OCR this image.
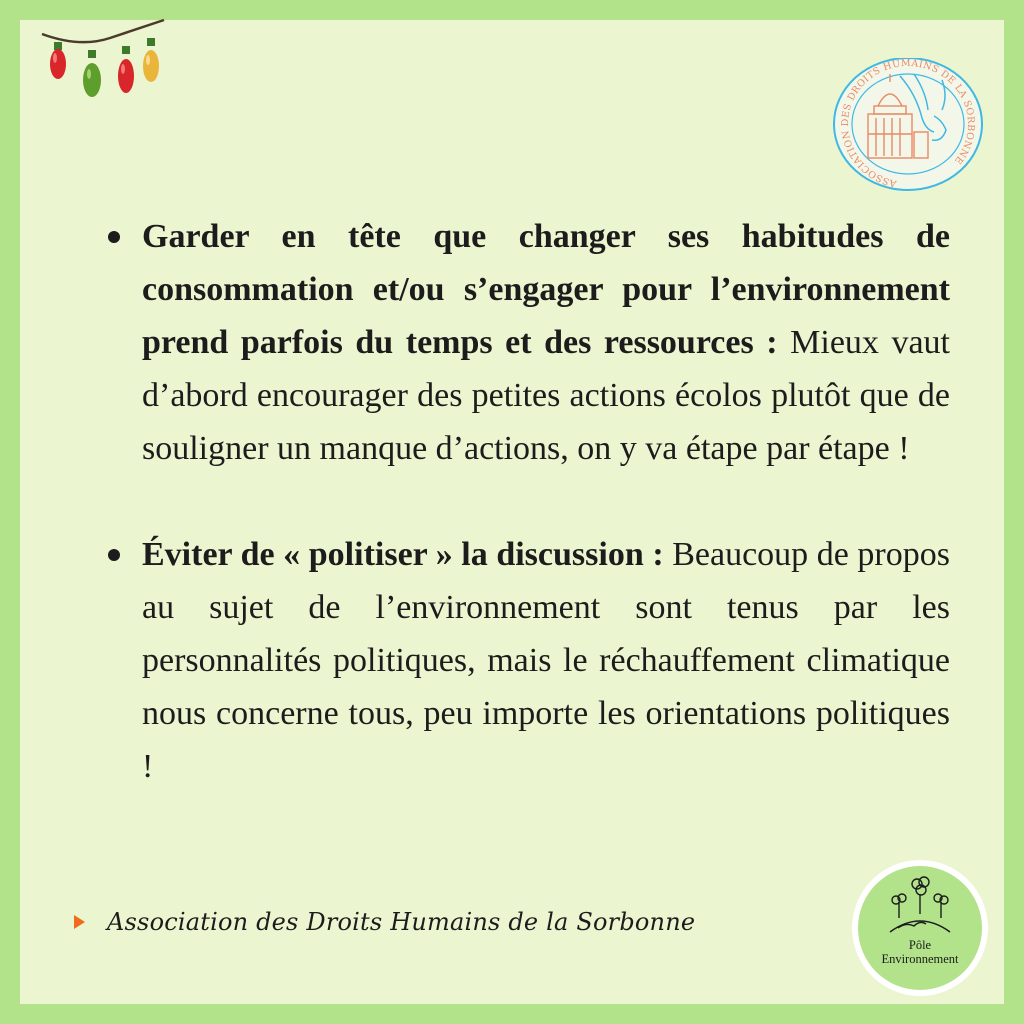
ASSOCIATION DES DROITS HUMAINS DE LA SORBONNE

Garder en tête que changer ses habitudes de consommation et/ou s’engager pour l’environnement prend parfois du temps et des ressources : Mieux vaut d’abord encourager des petites actions écolos plutôt que de souligner un manque d’actions, on y va étape par étape !

Éviter de « politiser » la discussion : Beaucoup de propos au sujet de l’environnement sont tenus par les personnalités politiques, mais le réchauffement climatique nous concerne tous, peu importe les orientations politiques !

Association des Droits Humains de la Sorbonne
Pôle
Environnement
